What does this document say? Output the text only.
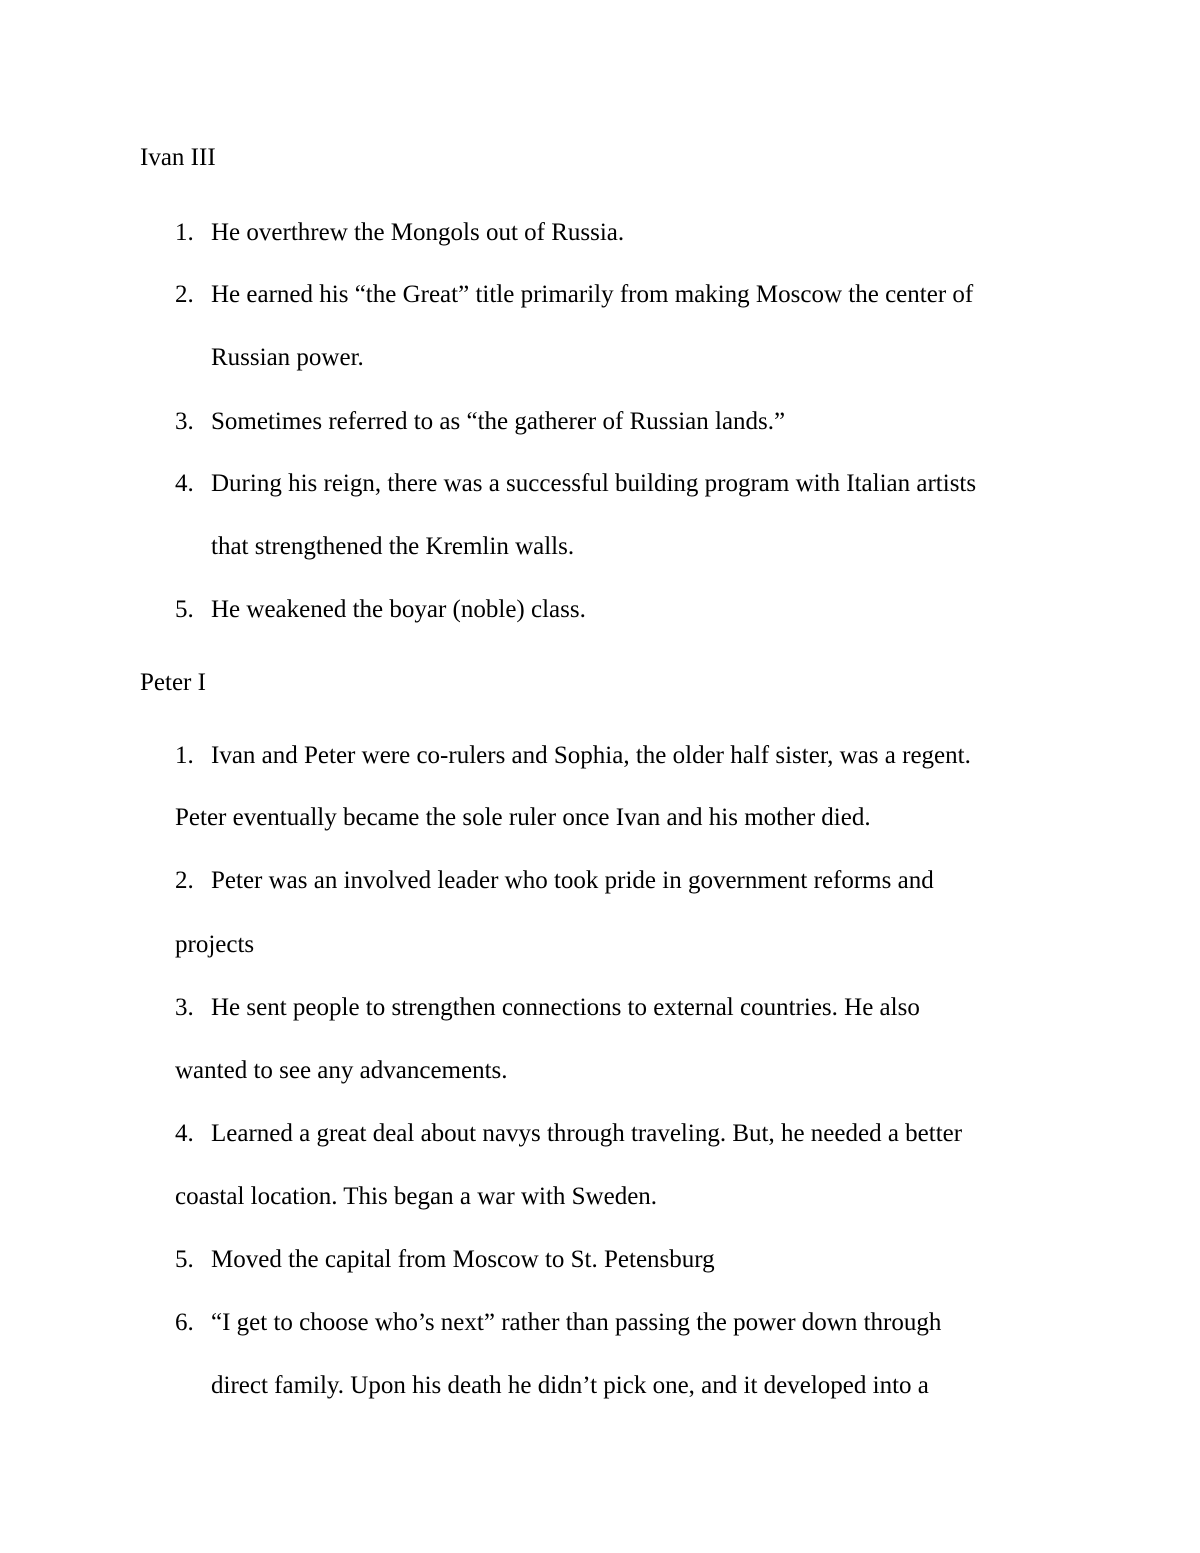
Ivan III
1. He overthrew the Mongols out of Russia.
2. He earned his “the Great” title primarily from making Moscow the center of
Russian power.
3. Sometimes referred to as “the gatherer of Russian lands.”
4. During his reign, there was a successful building program with Italian artists
that strengthened the Kremlin walls.
5. He weakened the boyar (noble) class.
Peter I
1. Ivan and Peter were co-rulers and Sophia, the older half sister, was a regent.
Peter eventually became the sole ruler once Ivan and his mother died.
2. Peter was an involved leader who took pride in government reforms and
projects
3. He sent people to strengthen connections to external countries. He also
wanted to see any advancements.
4. Learned a great deal about navys through traveling. But, he needed a better
coastal location. This began a war with Sweden.
5. Moved the capital from Moscow to St. Petensburg
6. “I get to choose who’s next” rather than passing the power down through
direct family. Upon his death he didn’t pick one, and it developed into a
